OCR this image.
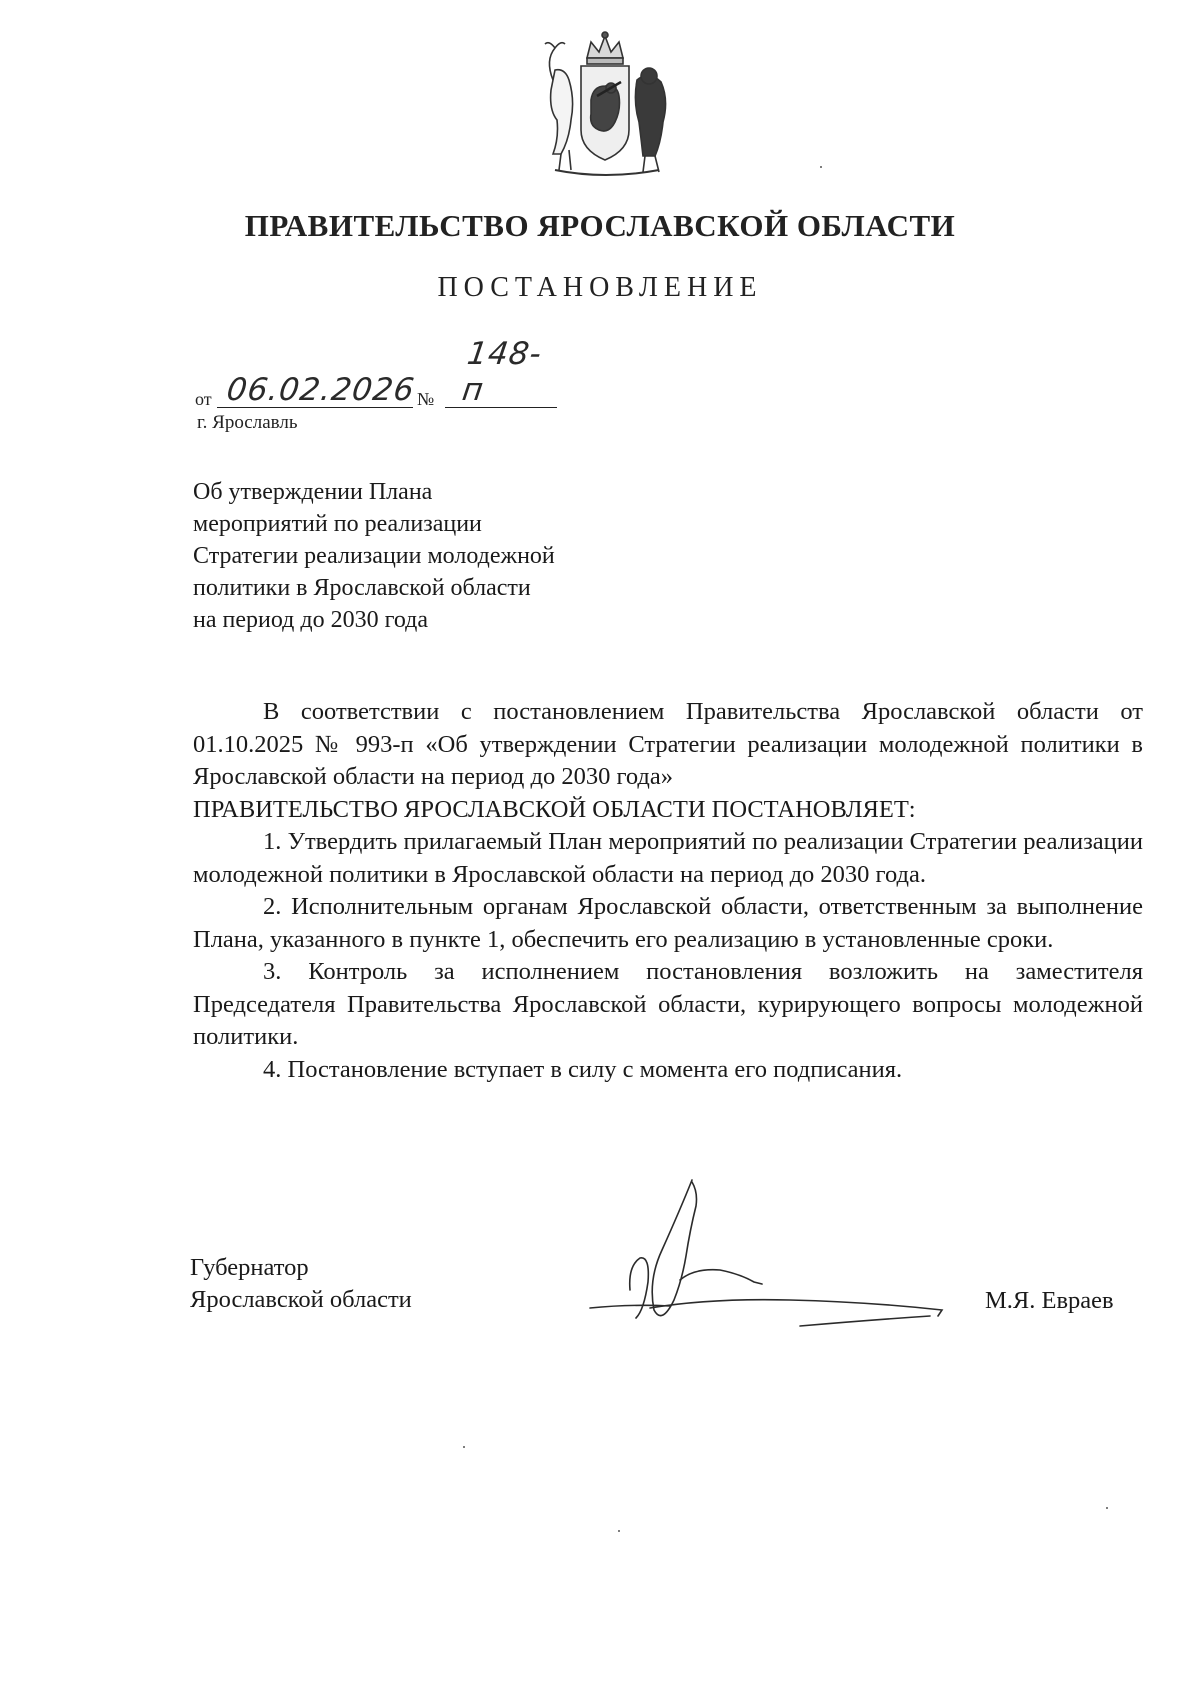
ПРАВИТЕЛЬСТВО ЯРОСЛАВСКОЙ ОБЛАСТИ
ПОСТАНОВЛЕНИЕ
от 06.02.2026 №
148-п
г. Ярославль
Об утверждении Плана
мероприятий по реализации
Стратегии реализации молодежной
политики в Ярославской области
на период до 2030 года

В соответствии с постановлением Правительства Ярославской области от 01.10.2025 № 993-п «Об утверждении Стратегии реализации молодежной политики в Ярославской области на период до 2030 года»

ПРАВИТЕЛЬСТВО ЯРОСЛАВСКОЙ ОБЛАСТИ ПОСТАНОВЛЯЕТ:

1. Утвердить прилагаемый План мероприятий по реализации Стратегии реализации молодежной политики в Ярославской области на период до 2030 года.

2. Исполнительным органам Ярославской области, ответственным за выполнение Плана, указанного в пункте 1, обеспечить его реализацию в установленные сроки.

3. Контроль за исполнением постановления возложить на заместителя Председателя Правительства Ярославской области, курирующего вопросы молодежной политики.

4. Постановление вступает в силу с момента его подписания.

Губернатор
Ярославской области	М.Я. Евраев
